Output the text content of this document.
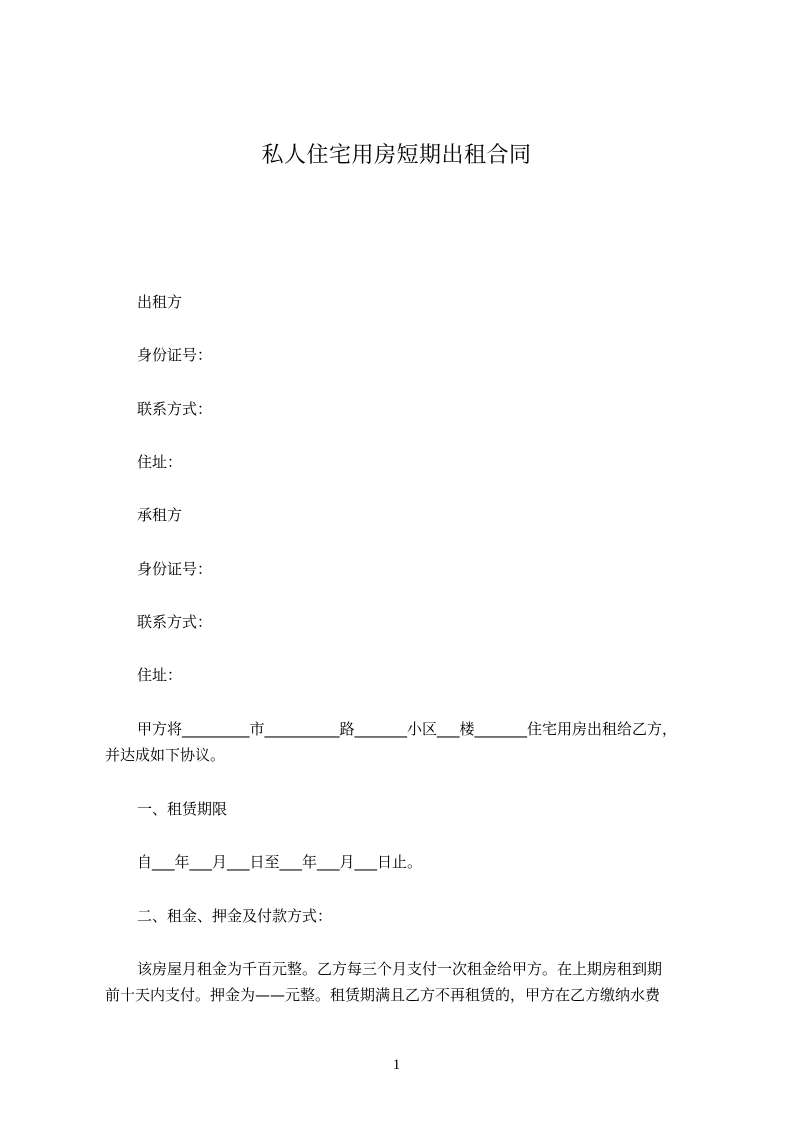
私人住宅用房短期出租合同
出租方
身份证号：
联系方式：
住址：
承租方
身份证号：
联系方式：
住址：
甲方将_________市__________路_______小区___楼_______住宅用房出租给乙方，
并达成如下协议。
一、租赁期限
自___年___月___日至___年___月___日止。
二、租金、押金及付款方式：
该房屋月租金为千百元整。乙方每三个月支付一次租金给甲方。在上期房租到期
前十天内支付。押金为——元整。租赁期满且乙方不再租赁的，甲方在乙方缴纳水费
1
